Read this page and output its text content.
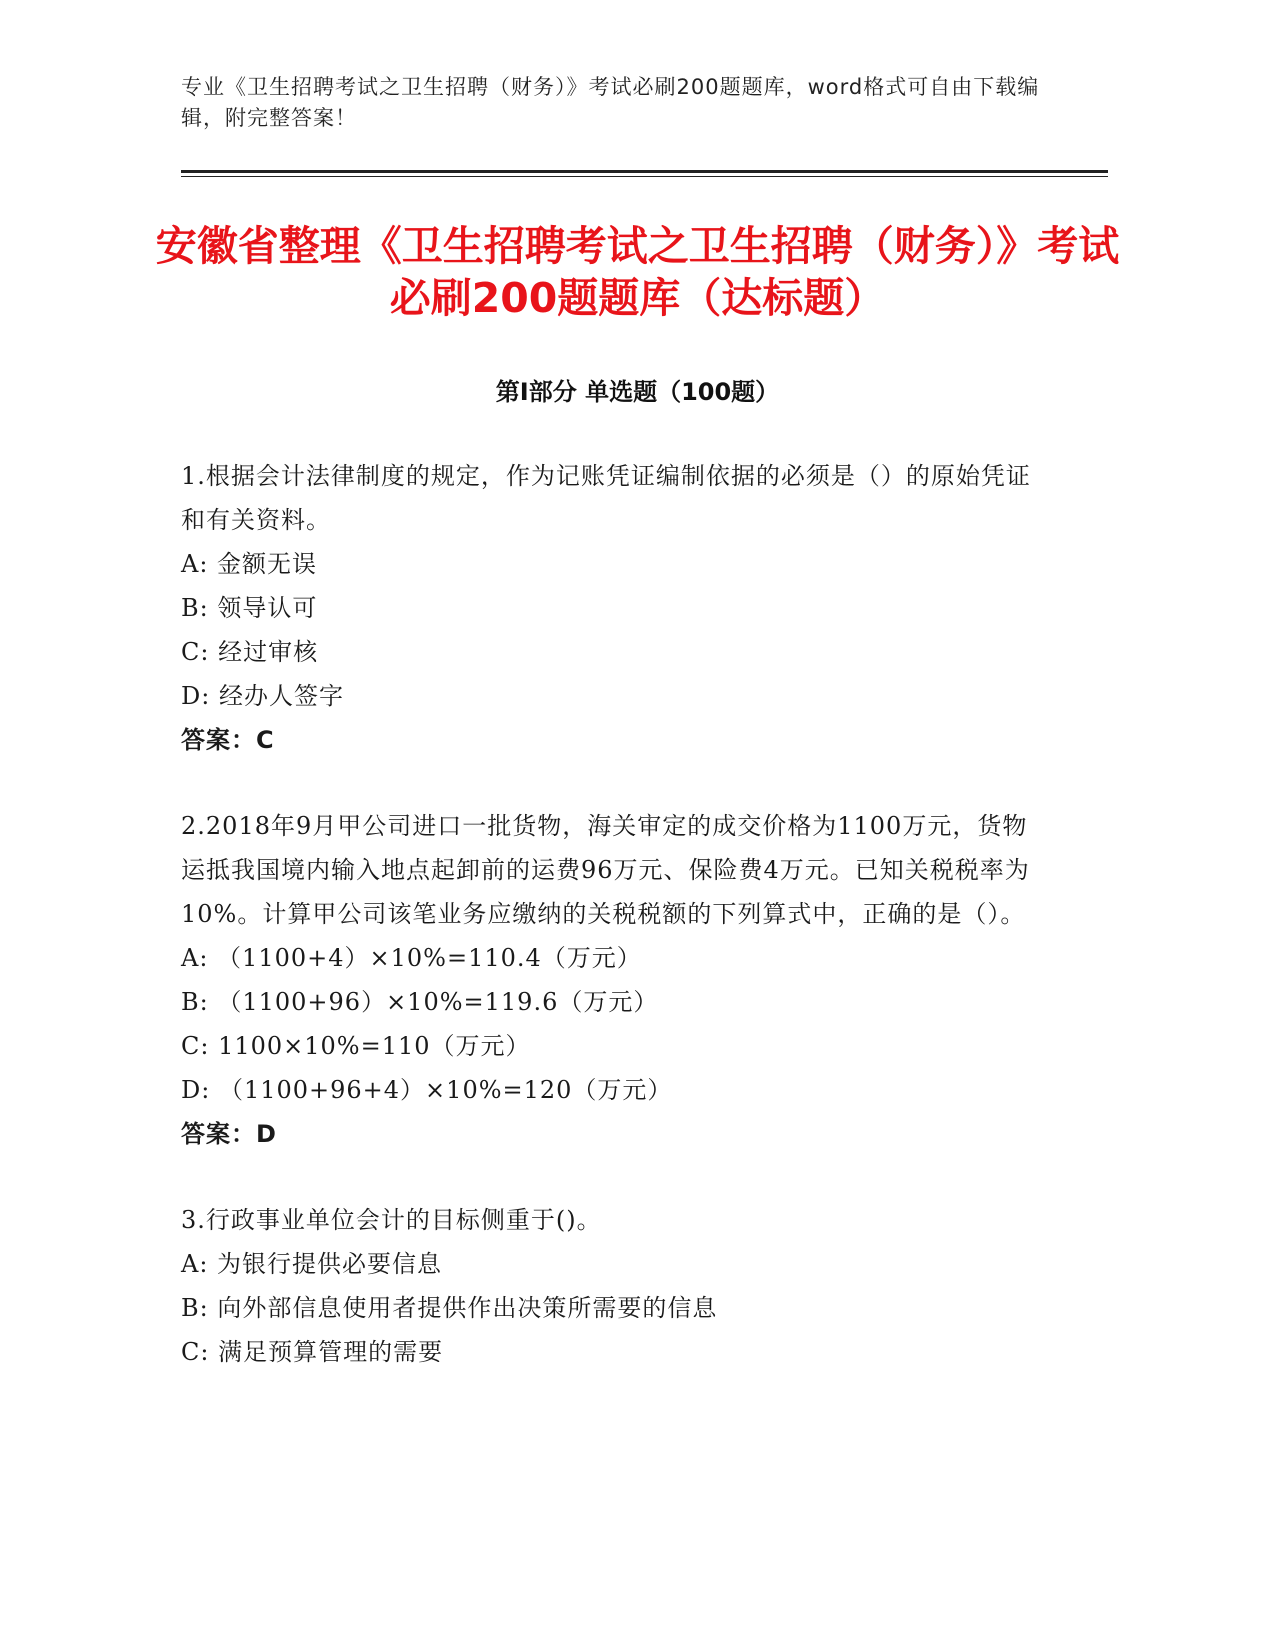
专业《卫生招聘考试之卫生招聘（财务）》考试必刷200题题库，word格式可自由下载编辑，附完整答案！
安徽省整理《卫生招聘考试之卫生招聘（财务）》考试必刷200题题库（达标题）
第I部分 单选题（100题）
1.根据会计法律制度的规定，作为记账凭证编制依据的必须是（）的原始凭证和有关资料。
A: 金额无误
B: 领导认可
C: 经过审核
D: 经办人签字
答案：C
2.2018年9月甲公司进口一批货物，海关审定的成交价格为1100万元，货物运抵我国境内输入地点起卸前的运费96万元、保险费4万元。已知关税税率为10%。计算甲公司该笔业务应缴纳的关税税额的下列算式中，正确的是（）。
A: （1100+4）×10%=110.4（万元）
B: （1100+96）×10%=119.6（万元）
C: 1100×10%=110（万元）
D: （1100+96+4）×10%=120（万元）
答案：D
3.行政事业单位会计的目标侧重于()。
A: 为银行提供必要信息
B: 向外部信息使用者提供作出决策所需要的信息
C: 满足预算管理的需要
